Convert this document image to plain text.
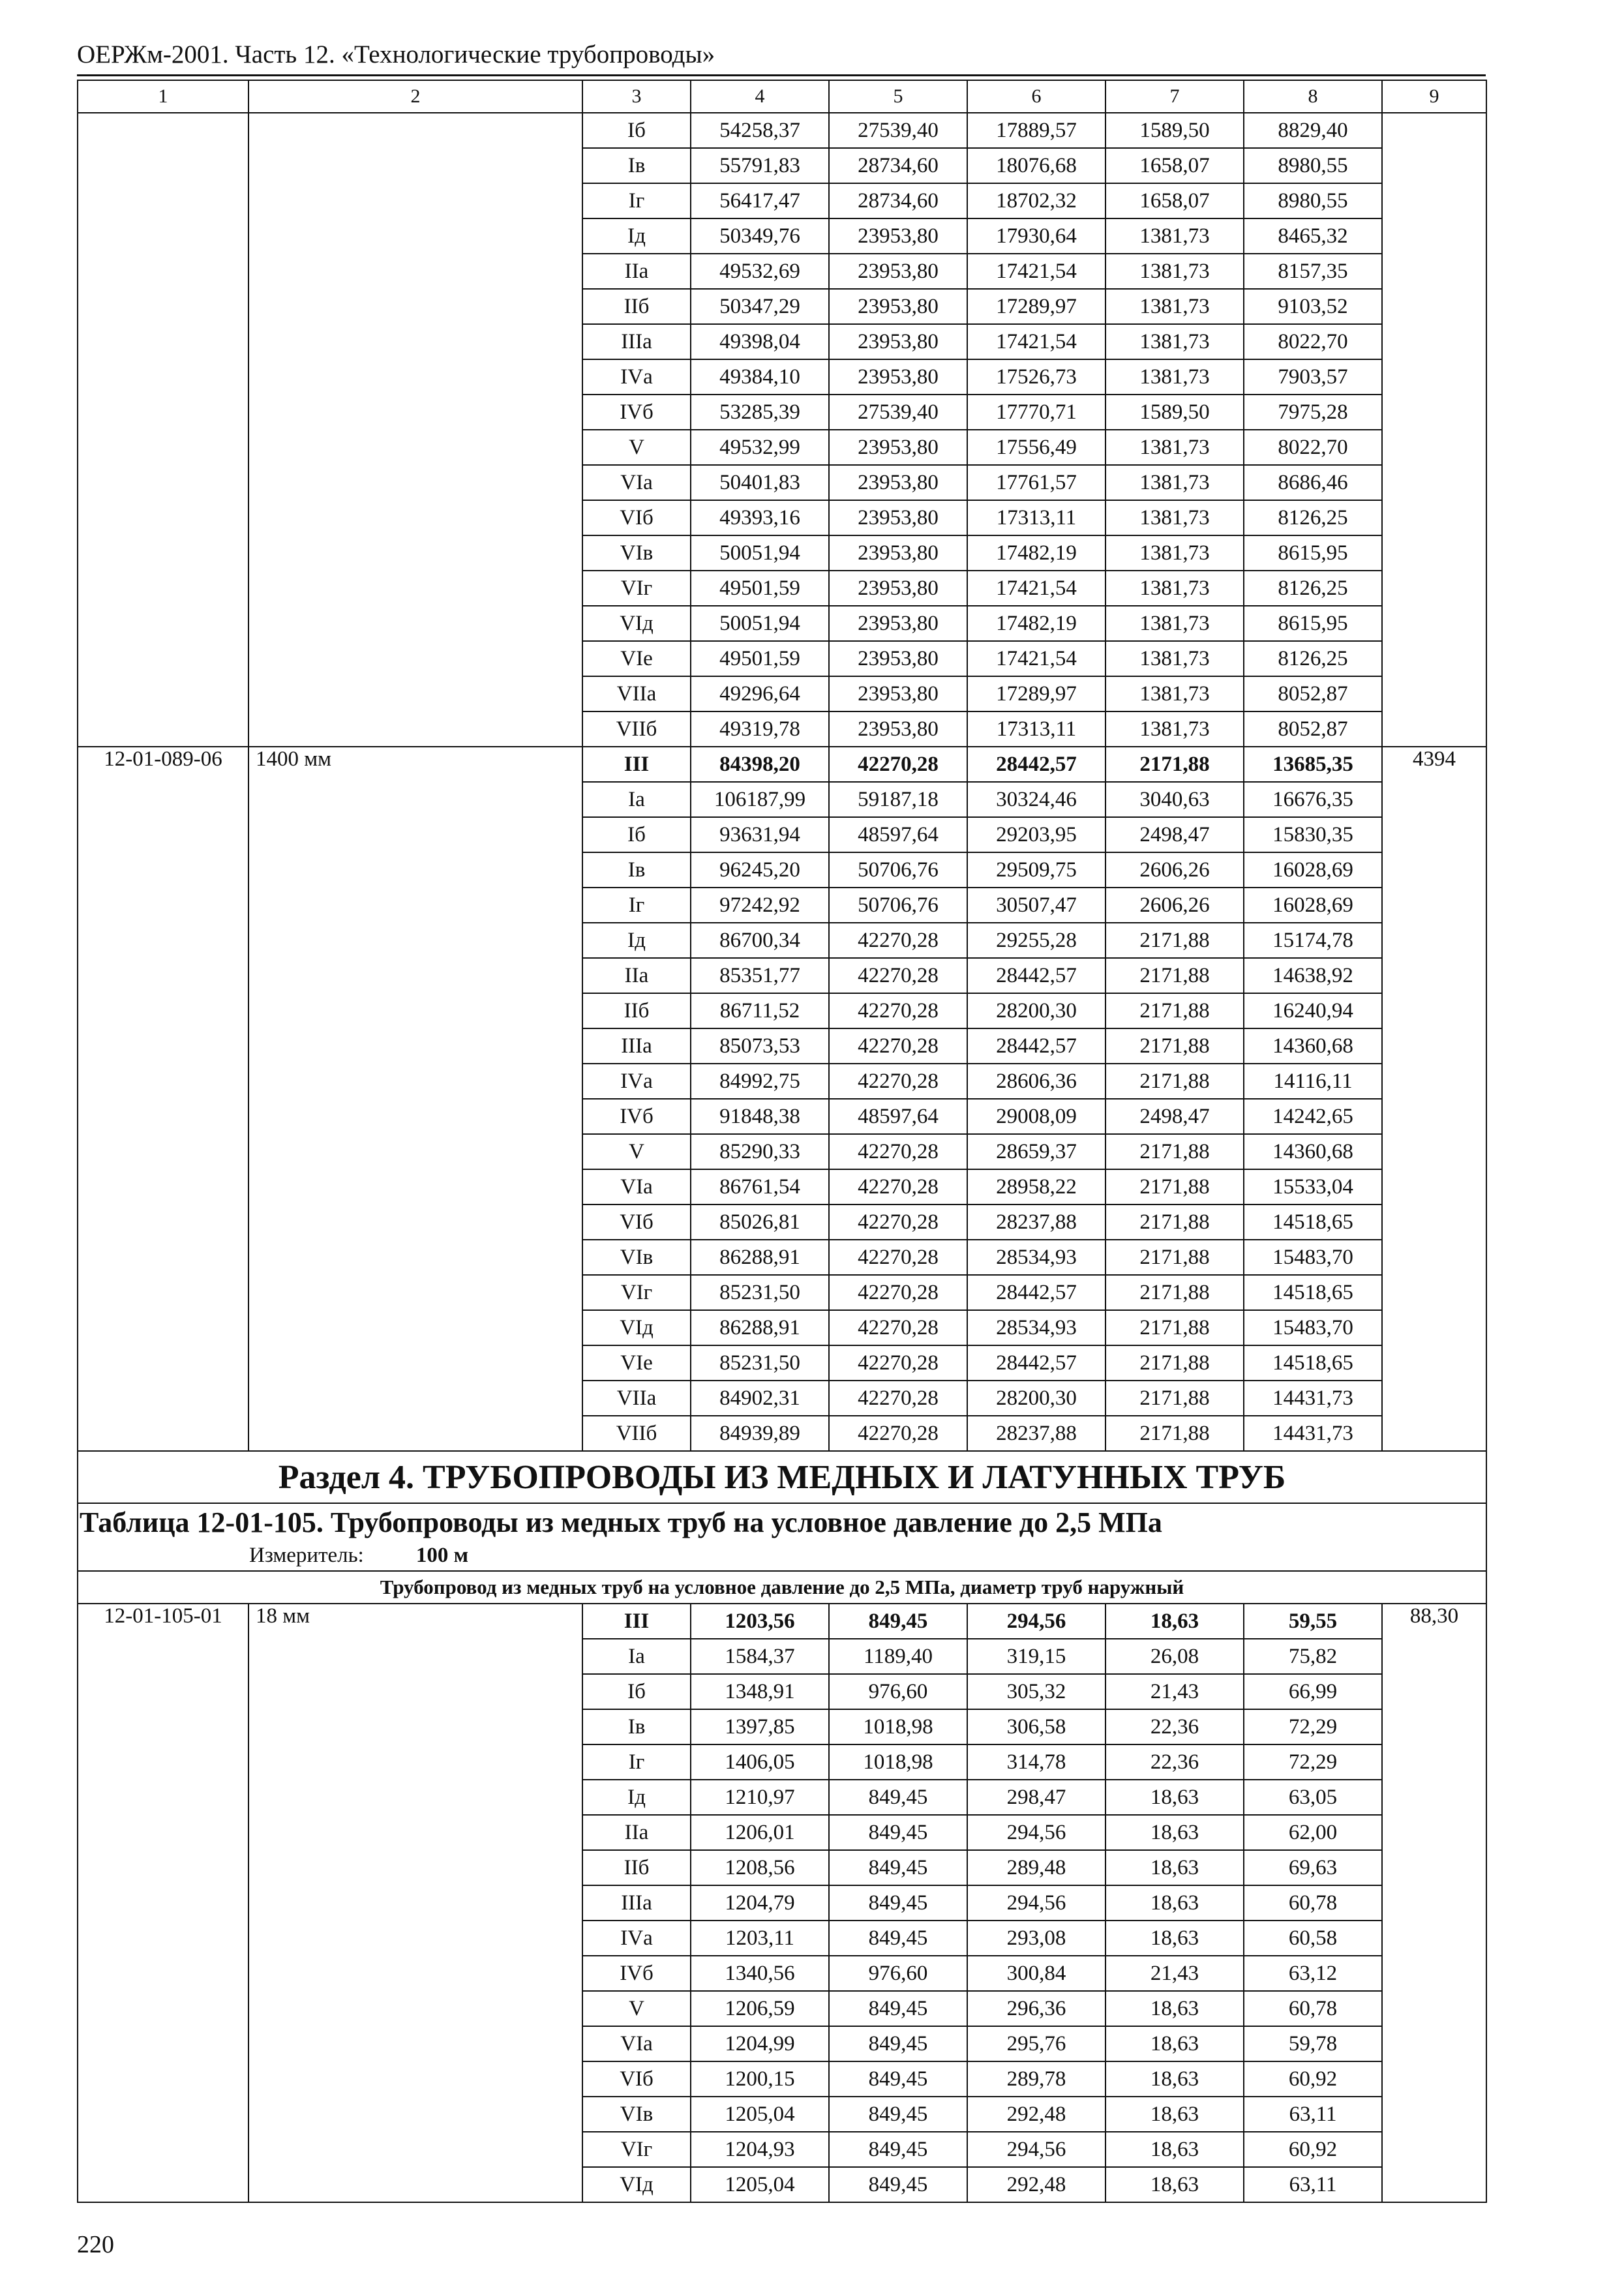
ОЕРЖм-2001. Часть 12. «Технологические трубопроводы»
1	2	3	4	5	6	7	8	9
		Iб	54258,37	27539,40	17889,57	1589,50	8829,40	
		Iв	55791,83	28734,60	18076,68	1658,07	8980,55	
		Iг	56417,47	28734,60	18702,32	1658,07	8980,55	
		Iд	50349,76	23953,80	17930,64	1381,73	8465,32	
		IIа	49532,69	23953,80	17421,54	1381,73	8157,35	
		IIб	50347,29	23953,80	17289,97	1381,73	9103,52	
		IIIа	49398,04	23953,80	17421,54	1381,73	8022,70	
		IVа	49384,10	23953,80	17526,73	1381,73	7903,57	
		IVб	53285,39	27539,40	17770,71	1589,50	7975,28	
		V	49532,99	23953,80	17556,49	1381,73	8022,70	
		VIа	50401,83	23953,80	17761,57	1381,73	8686,46	
		VIб	49393,16	23953,80	17313,11	1381,73	8126,25	
		VIв	50051,94	23953,80	17482,19	1381,73	8615,95	
		VIг	49501,59	23953,80	17421,54	1381,73	8126,25	
		VIд	50051,94	23953,80	17482,19	1381,73	8615,95	
		VIе	49501,59	23953,80	17421,54	1381,73	8126,25	
		VIIа	49296,64	23953,80	17289,97	1381,73	8052,87	
		VIIб	49319,78	23953,80	17313,11	1381,73	8052,87	
12-01-089-06	1400 мм	III	84398,20	42270,28	28442,57	2171,88	13685,35	4394
		Iа	106187,99	59187,18	30324,46	3040,63	16676,35	
		Iб	93631,94	48597,64	29203,95	2498,47	15830,35	
		Iв	96245,20	50706,76	29509,75	2606,26	16028,69	
		Iг	97242,92	50706,76	30507,47	2606,26	16028,69	
		Iд	86700,34	42270,28	29255,28	2171,88	15174,78	
		IIа	85351,77	42270,28	28442,57	2171,88	14638,92	
		IIб	86711,52	42270,28	28200,30	2171,88	16240,94	
		IIIа	85073,53	42270,28	28442,57	2171,88	14360,68	
		IVа	84992,75	42270,28	28606,36	2171,88	14116,11	
		IVб	91848,38	48597,64	29008,09	2498,47	14242,65	
		V	85290,33	42270,28	28659,37	2171,88	14360,68	
		VIа	86761,54	42270,28	28958,22	2171,88	15533,04	
		VIб	85026,81	42270,28	28237,88	2171,88	14518,65	
		VIв	86288,91	42270,28	28534,93	2171,88	15483,70	
		VIг	85231,50	42270,28	28442,57	2171,88	14518,65	
		VIд	86288,91	42270,28	28534,93	2171,88	15483,70	
		VIе	85231,50	42270,28	28442,57	2171,88	14518,65	
		VIIа	84902,31	42270,28	28200,30	2171,88	14431,73	
		VIIб	84939,89	42270,28	28237,88	2171,88	14431,73	
Раздел 4. ТРУБОПРОВОДЫ ИЗ МЕДНЫХ И ЛАТУННЫХ ТРУБ								
Таблица 12-01-105. Трубопроводы из медных труб на условное давление до 2,5 МПа								
Измеритель: 100 м								
Трубопровод из медных труб на условное давление до 2,5 МПа, диаметр труб наружный								
12-01-105-01	18 мм	III	1203,56	849,45	294,56	18,63	59,55	88,30
		Iа	1584,37	1189,40	319,15	26,08	75,82	
		Iб	1348,91	976,60	305,32	21,43	66,99	
		Iв	1397,85	1018,98	306,58	22,36	72,29	
		Iг	1406,05	1018,98	314,78	22,36	72,29	
		Iд	1210,97	849,45	298,47	18,63	63,05	
		IIа	1206,01	849,45	294,56	18,63	62,00	
		IIб	1208,56	849,45	289,48	18,63	69,63	
		IIIа	1204,79	849,45	294,56	18,63	60,78	
		IVа	1203,11	849,45	293,08	18,63	60,58	
		IVб	1340,56	976,60	300,84	21,43	63,12	
		V	1206,59	849,45	296,36	18,63	60,78	
		VIа	1204,99	849,45	295,76	18,63	59,78	
		VIб	1200,15	849,45	289,78	18,63	60,92	
		VIв	1205,04	849,45	292,48	18,63	63,11	
		VIг	1204,93	849,45	294,56	18,63	60,92	
		VIд	1205,04	849,45	292,48	18,63	63,11	
220
